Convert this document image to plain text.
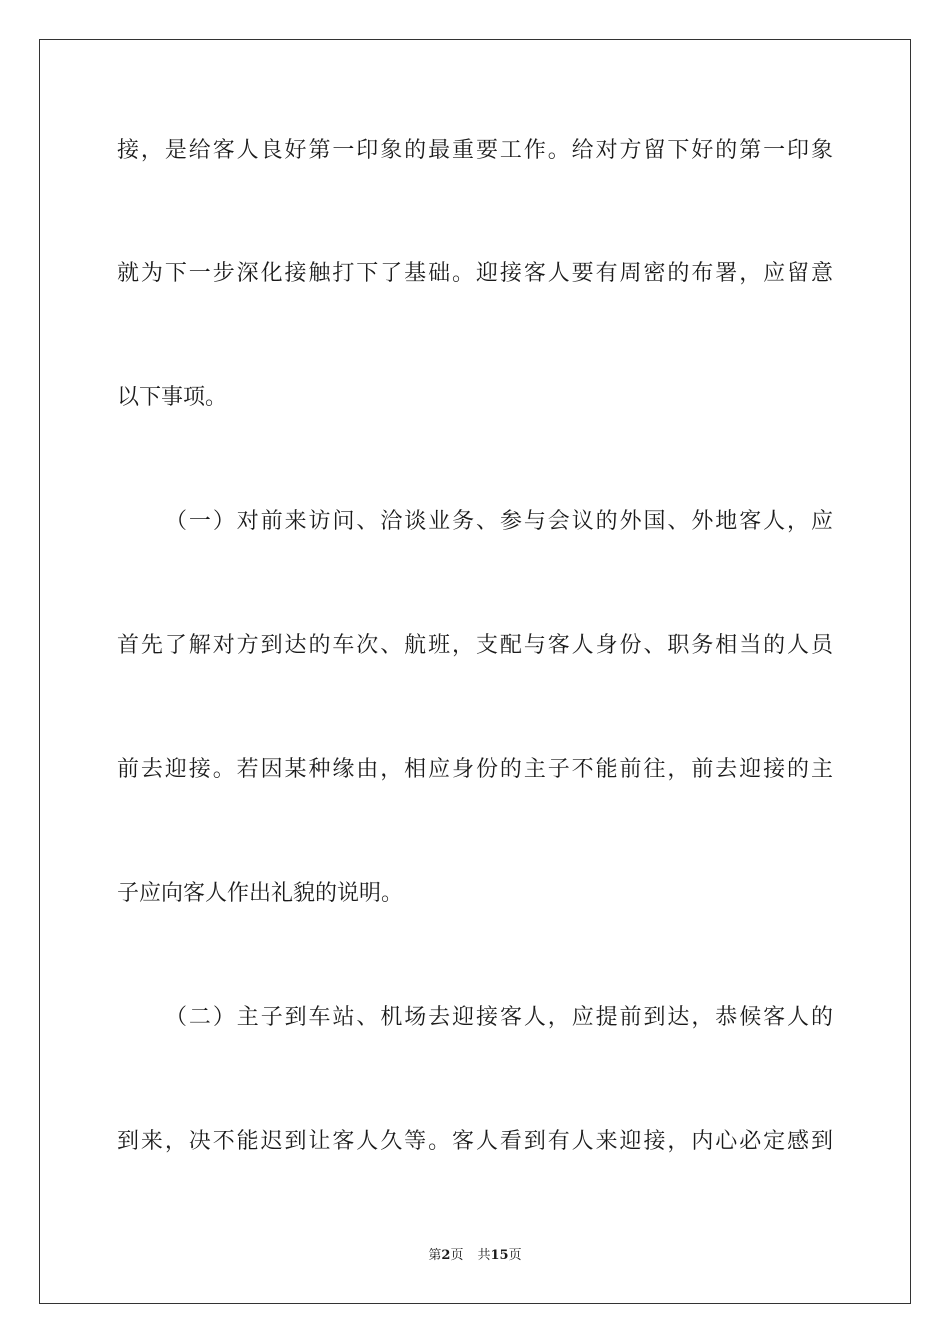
接，是给客人良好第一印象的最重要工作。给对方留下好的第一印象
就为下一步深化接触打下了基础。迎接客人要有周密的布署，应留意
以下事项。
（一）对前来访问、洽谈业务、参与会议的外国、外地客人，应
首先了解对方到达的车次、航班，支配与客人身份、职务相当的人员
前去迎接。若因某种缘由，相应身份的主子不能前往，前去迎接的主
子应向客人作出礼貌的说明。
（二）主子到车站、机场去迎接客人，应提前到达，恭候客人的
到来，决不能迟到让客人久等。客人看到有人来迎接，内心必定感到
第2页 共15页
